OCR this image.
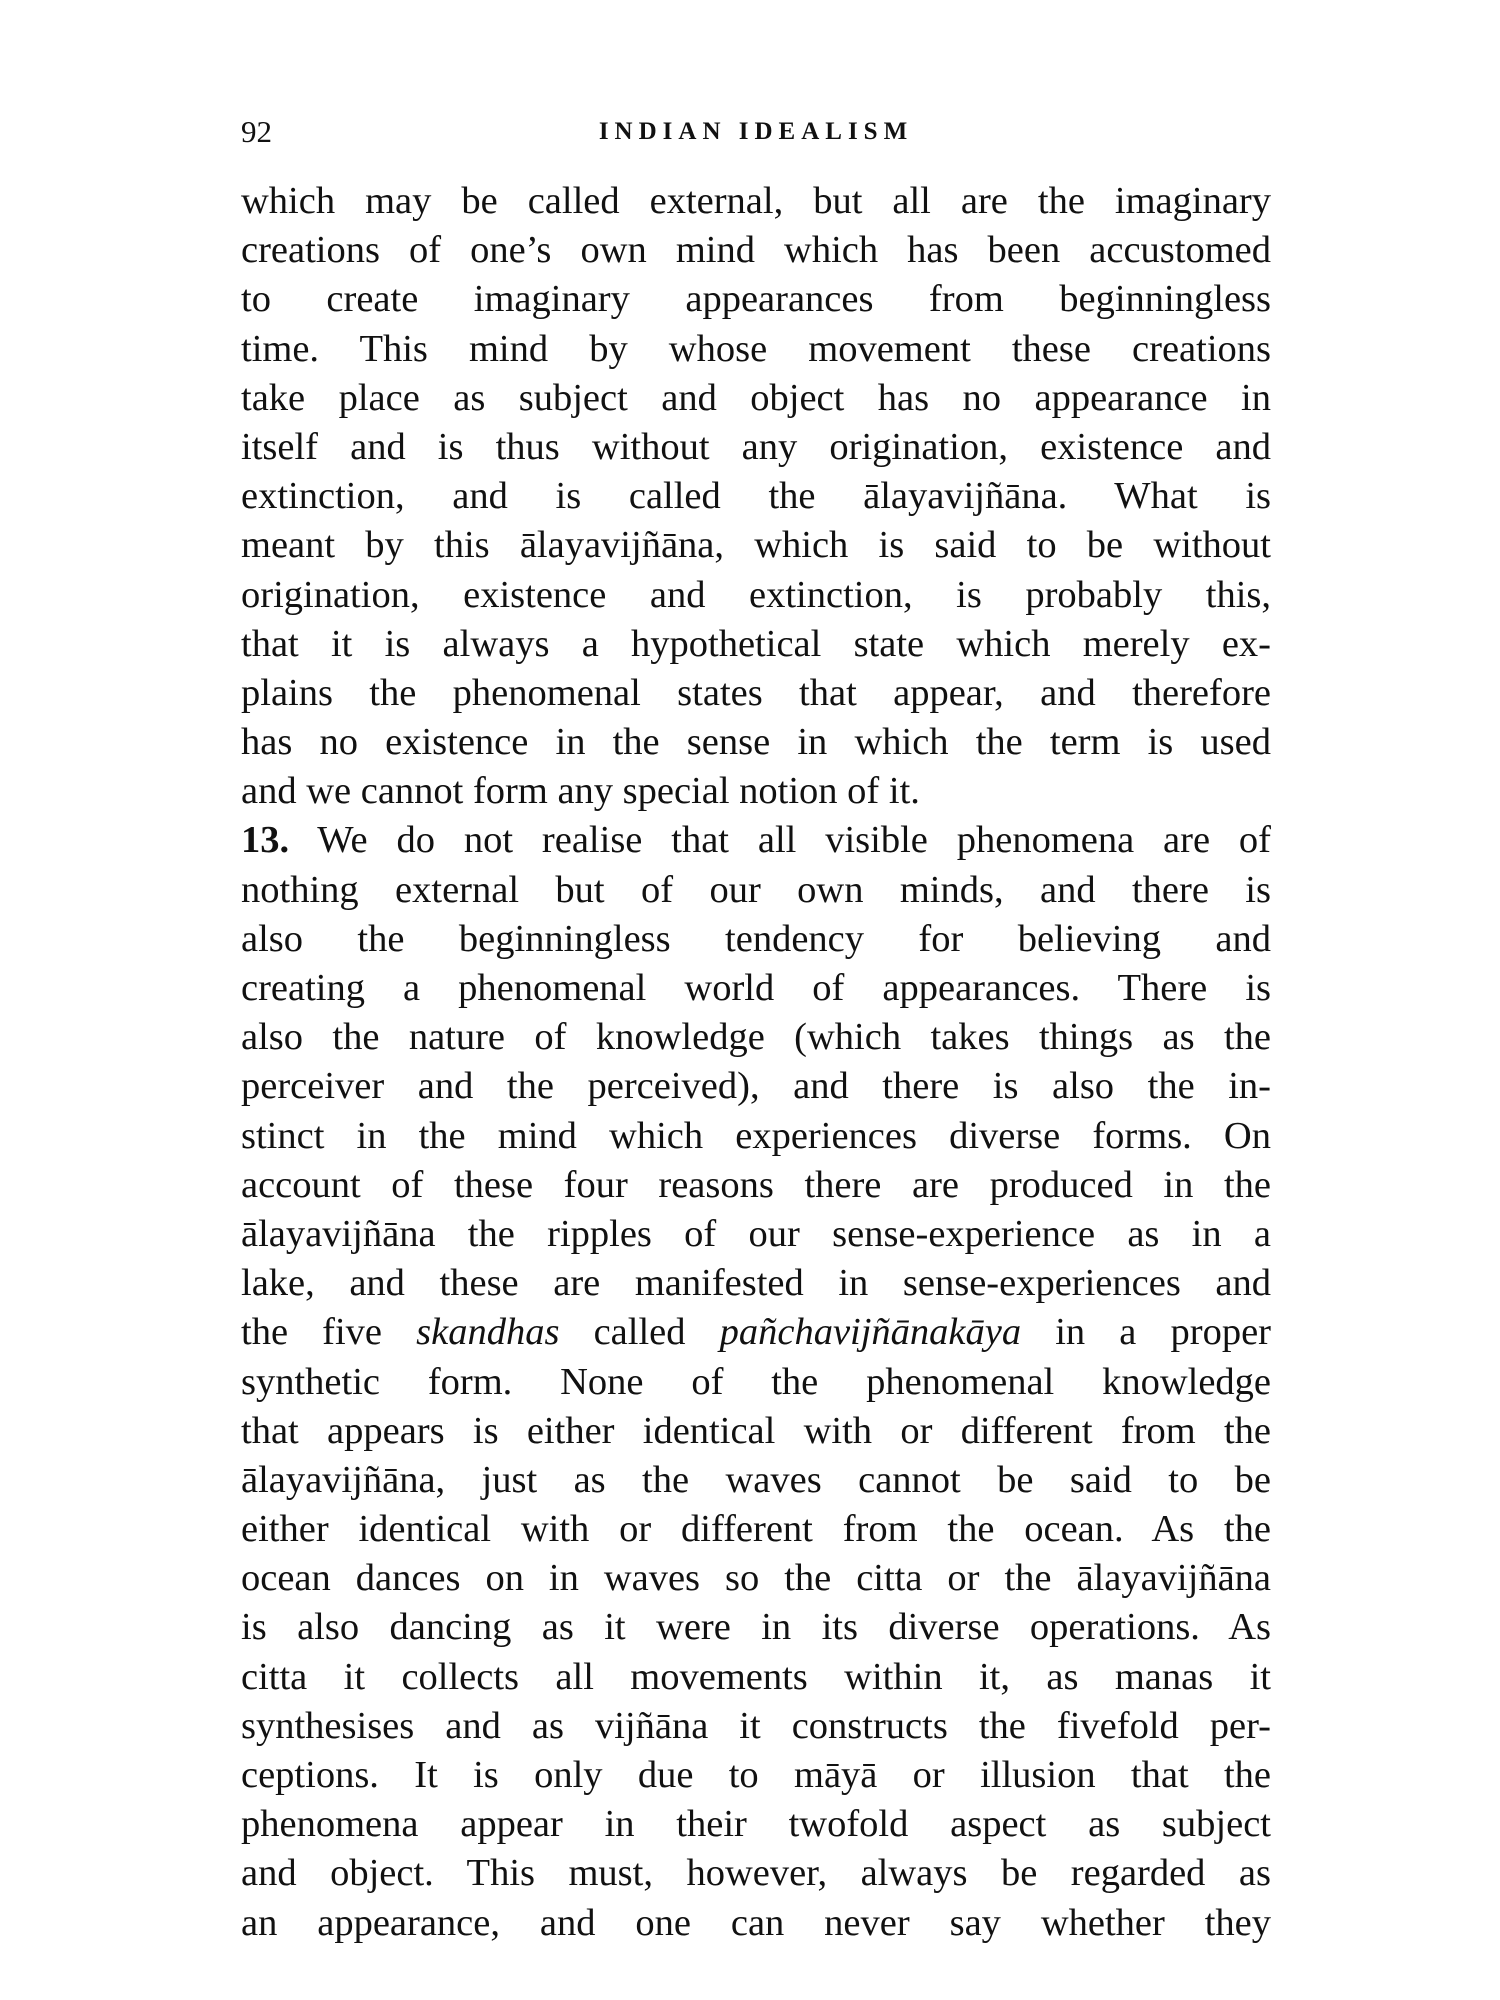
92	INDIAN IDEALISM
which may be called external, but all are the imaginary
creations of one’s own mind which has been accustomed
to create imaginary appearances from beginningless
time. This mind by whose movement these creations
take place as subject and object has no appearance in
itself and is thus without any origination, existence and
extinction, and is called the ālayavijñāna. What is
meant by this ālayavijñāna, which is said to be without
origination, existence and extinction, is probably this,
that it is always a hypothetical state which merely ex-
plains the phenomenal states that appear, and therefore
has no existence in the sense in which the term is used
and we cannot form any special notion of it.
13. We do not realise that all visible phenomena are of
nothing external but of our own minds, and there is
also the beginningless tendency for believing and
creating a phenomenal world of appearances. There is
also the nature of knowledge (which takes things as the
perceiver and the perceived), and there is also the in-
stinct in the mind which experiences diverse forms. On
account of these four reasons there are produced in the
ālayavijñāna the ripples of our sense-experience as in a
lake, and these are manifested in sense-experiences and
the five skandhas called pañchavijñānakāya in a proper
synthetic form. None of the phenomenal knowledge
that appears is either identical with or different from the
ālayavijñāna, just as the waves cannot be said to be
either identical with or different from the ocean. As the
ocean dances on in waves so the citta or the ālayavijñāna
is also dancing as it were in its diverse operations. As
citta it collects all movements within it, as manas it
synthesises and as vijñāna it constructs the fivefold per-
ceptions. It is only due to māyā or illusion that the
phenomena appear in their twofold aspect as subject
and object. This must, however, always be regarded as
an appearance, and one can never say whether they
